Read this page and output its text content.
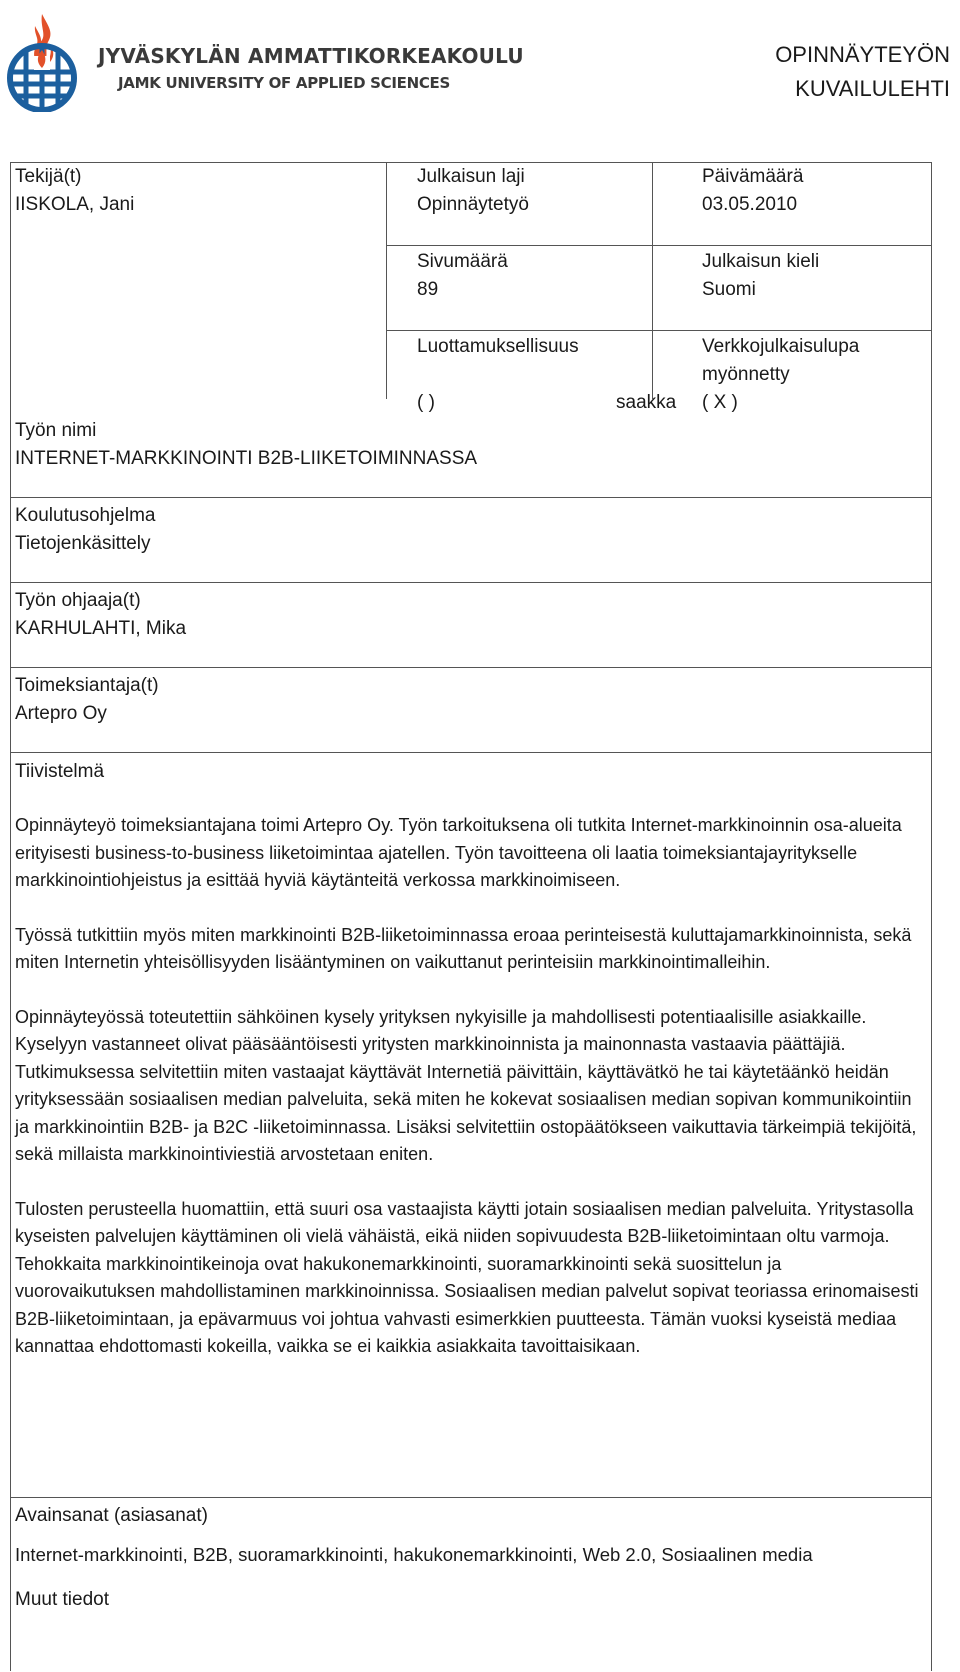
JYVÄSKYLÄN AMMATTIKORKEAKOULU
JAMK UNIVERSITY OF APPLIED SCIENCES
OPINNÄYTEYÖN
KUVAILULEHTI
Tekijä(t)
IISKOLA, Jani
Julkaisun laji
Opinnäytetyö
Päivämäärä
03.05.2010
Sivumäärä
89
Julkaisun kieli
Suomi
Luottamuksellisuus
( )	saakka
Verkkojulkaisulupa
myönnetty
( X )
Työn nimi
INTERNET-MARKKINOINTI B2B-LIIKETOIMINNASSA
Koulutusohjelma
Tietojenkäsittely
Työn ohjaaja(t)
KARHULAHTI, Mika
Toimeksiantaja(t)
Artepro Oy
Tiivistelmä

Opinnäyteyö toimeksiantajana toimi Artepro Oy. Työn tarkoituksena oli tutkita Internet-markkinoinnin osa-alueita erityisesti business-to-business liiketoimintaa ajatellen. Työn tavoitteena oli laatia toimeksiantajayritykselle markkinointiohjeistus ja esittää hyviä käytänteitä verkossa markkinoimiseen.

Työssä tutkittiin myös miten markkinointi B2B-liiketoiminnassa eroaa perinteisestä kuluttajamarkkinoinnista, sekä miten Internetin yhteisöllisyyden lisääntyminen on vaikuttanut perinteisiin markkinointimalleihin.

Opinnäyteyössä toteutettiin sähköinen kysely yrityksen nykyisille ja mahdollisesti potentiaalisille asiakkaille. Kyselyyn vastanneet olivat pääsääntöisesti yritysten markkinoinnista ja mainonnasta vastaavia päättäjiä. Tutkimuksessa selvitettiin miten vastaajat käyttävät Internetiä päivittäin, käyttävätkö he tai käytetäänkö heidän yrityksessään sosiaalisen median palveluita, sekä miten he kokevat sosiaalisen median sopivan kommunikointiin ja markkinointiin B2B- ja B2C -liiketoiminnassa. Lisäksi selvitettiin ostopäätökseen vaikuttavia tärkeimpiä tekijöitä, sekä millaista markkinointiviestiä arvostetaan eniten.

Tulosten perusteella huomattiin, että suuri osa vastaajista käytti jotain sosiaalisen median palveluita. Yritystasolla kyseisten palvelujen käyttäminen oli vielä vähäistä, eikä niiden sopivuudesta B2B-liiketoimintaan oltu varmoja. Tehokkaita markkinointikeinoja ovat hakukonemarkkinointi, suoramarkkinointi sekä suosittelun ja vuorovaikutuksen mahdollistaminen markkinoinnissa. Sosiaalisen median palvelut sopivat teoriassa erinomaisesti B2B-liiketoimintaan, ja epävarmuus voi johtua vahvasti esimerkkien puutteesta. Tämän vuoksi kyseistä mediaa kannattaa ehdottomasti kokeilla, vaikka se ei kaikkia asiakkaita tavoittaisikaan.

Avainsanat (asiasanat)
Internet-markkinointi, B2B, suoramarkkinointi, hakukonemarkkinointi, Web 2.0, Sosiaalinen media
Muut tiedot
